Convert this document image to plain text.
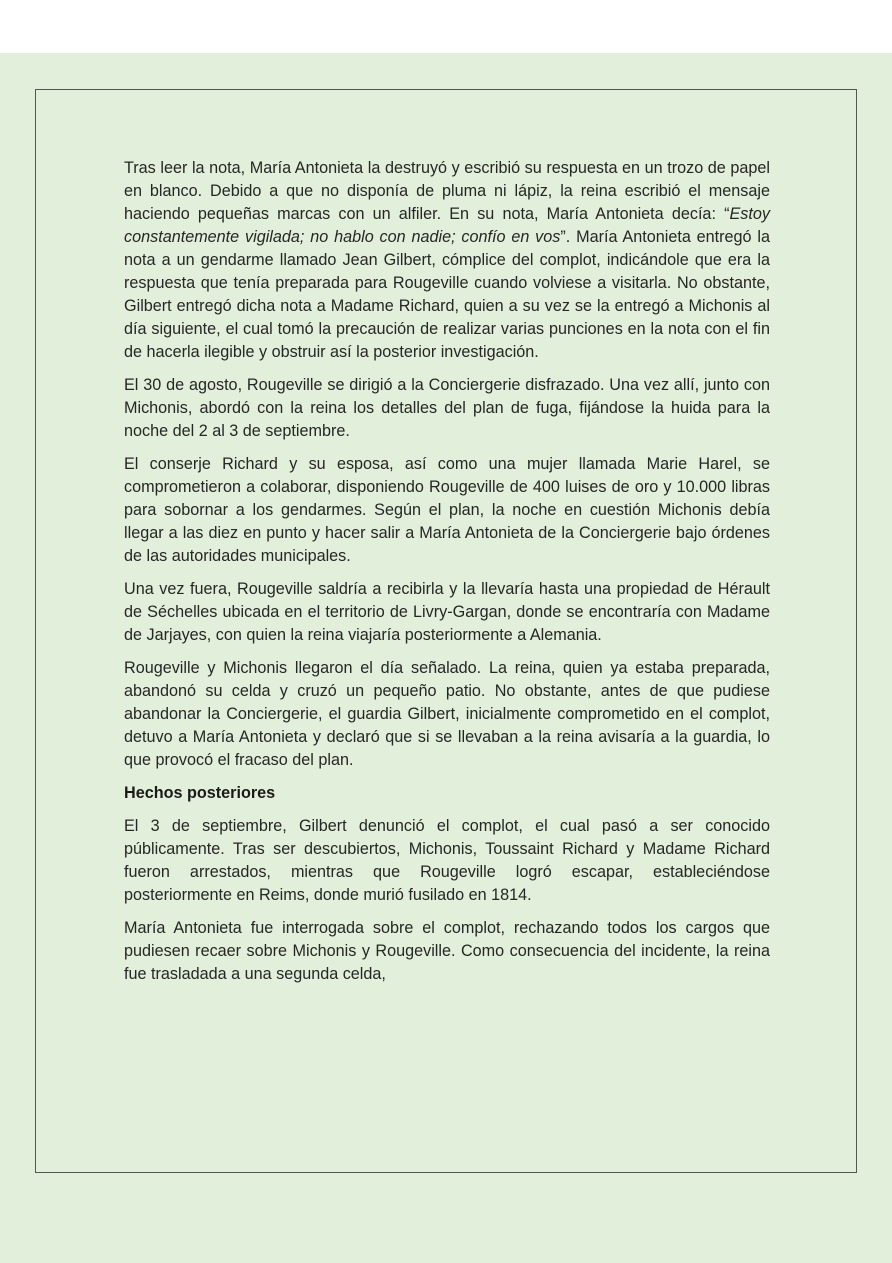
Tras leer la nota, María Antonieta la destruyó y escribió su respuesta en un trozo de papel en blanco. Debido a que no disponía de pluma ni lápiz, la reina escribió el mensaje haciendo pequeñas marcas con un alfiler. En su nota, María Antonieta decía: “Estoy constantemente vigilada; no hablo con nadie; confío en vos”. María Antonieta entregó la nota a un gendarme llamado Jean Gilbert, cómplice del complot, indicándole que era la respuesta que tenía preparada para Rougeville cuando volviese a visitarla. No obstante, Gilbert entregó dicha nota a Madame Richard, quien a su vez se la entregó a Michonis al día siguiente, el cual tomó la precaución de realizar varias punciones en la nota con el fin de hacerla ilegible y obstruir así la posterior investigación.

El 30 de agosto, Rougeville se dirigió a la Conciergerie disfrazado. Una vez allí, junto con Michonis, abordó con la reina los detalles del plan de fuga, fijándose la huida para la noche del 2 al 3 de septiembre.

El conserje Richard y su esposa, así como una mujer llamada Marie Harel, se comprometieron a colaborar, disponiendo Rougeville de 400 luises de oro y 10.000 libras para sobornar a los gendarmes. Según el plan, la noche en cuestión Michonis debía llegar a las diez en punto y hacer salir a María Antonieta de la Conciergerie bajo órdenes de las autoridades municipales.

Una vez fuera, Rougeville saldría a recibirla y la llevaría hasta una propiedad de Hérault de Séchelles ubicada en el territorio de Livry-Gargan, donde se encontraría con Madame de Jarjayes, con quien la reina viajaría posteriormente a Alemania.

Rougeville y Michonis llegaron el día señalado. La reina, quien ya estaba preparada, abandonó su celda y cruzó un pequeño patio. No obstante, antes de que pudiese abandonar la Conciergerie, el guardia Gilbert, inicialmente comprometido en el complot, detuvo a María Antonieta y declaró que si se llevaban a la reina avisaría a la guardia, lo que provocó el fracaso del plan.

Hechos posteriores

El 3 de septiembre, Gilbert denunció el complot, el cual pasó a ser conocido públicamente. Tras ser descubiertos, Michonis, Toussaint Richard y Madame Richard fueron arrestados, mientras que Rougeville logró escapar, estableciéndose posteriormente en Reims, donde murió fusilado en 1814.

María Antonieta fue interrogada sobre el complot, rechazando todos los cargos que pudiesen recaer sobre Michonis y Rougeville. Como consecuencia del incidente, la reina fue trasladada a una segunda celda,
